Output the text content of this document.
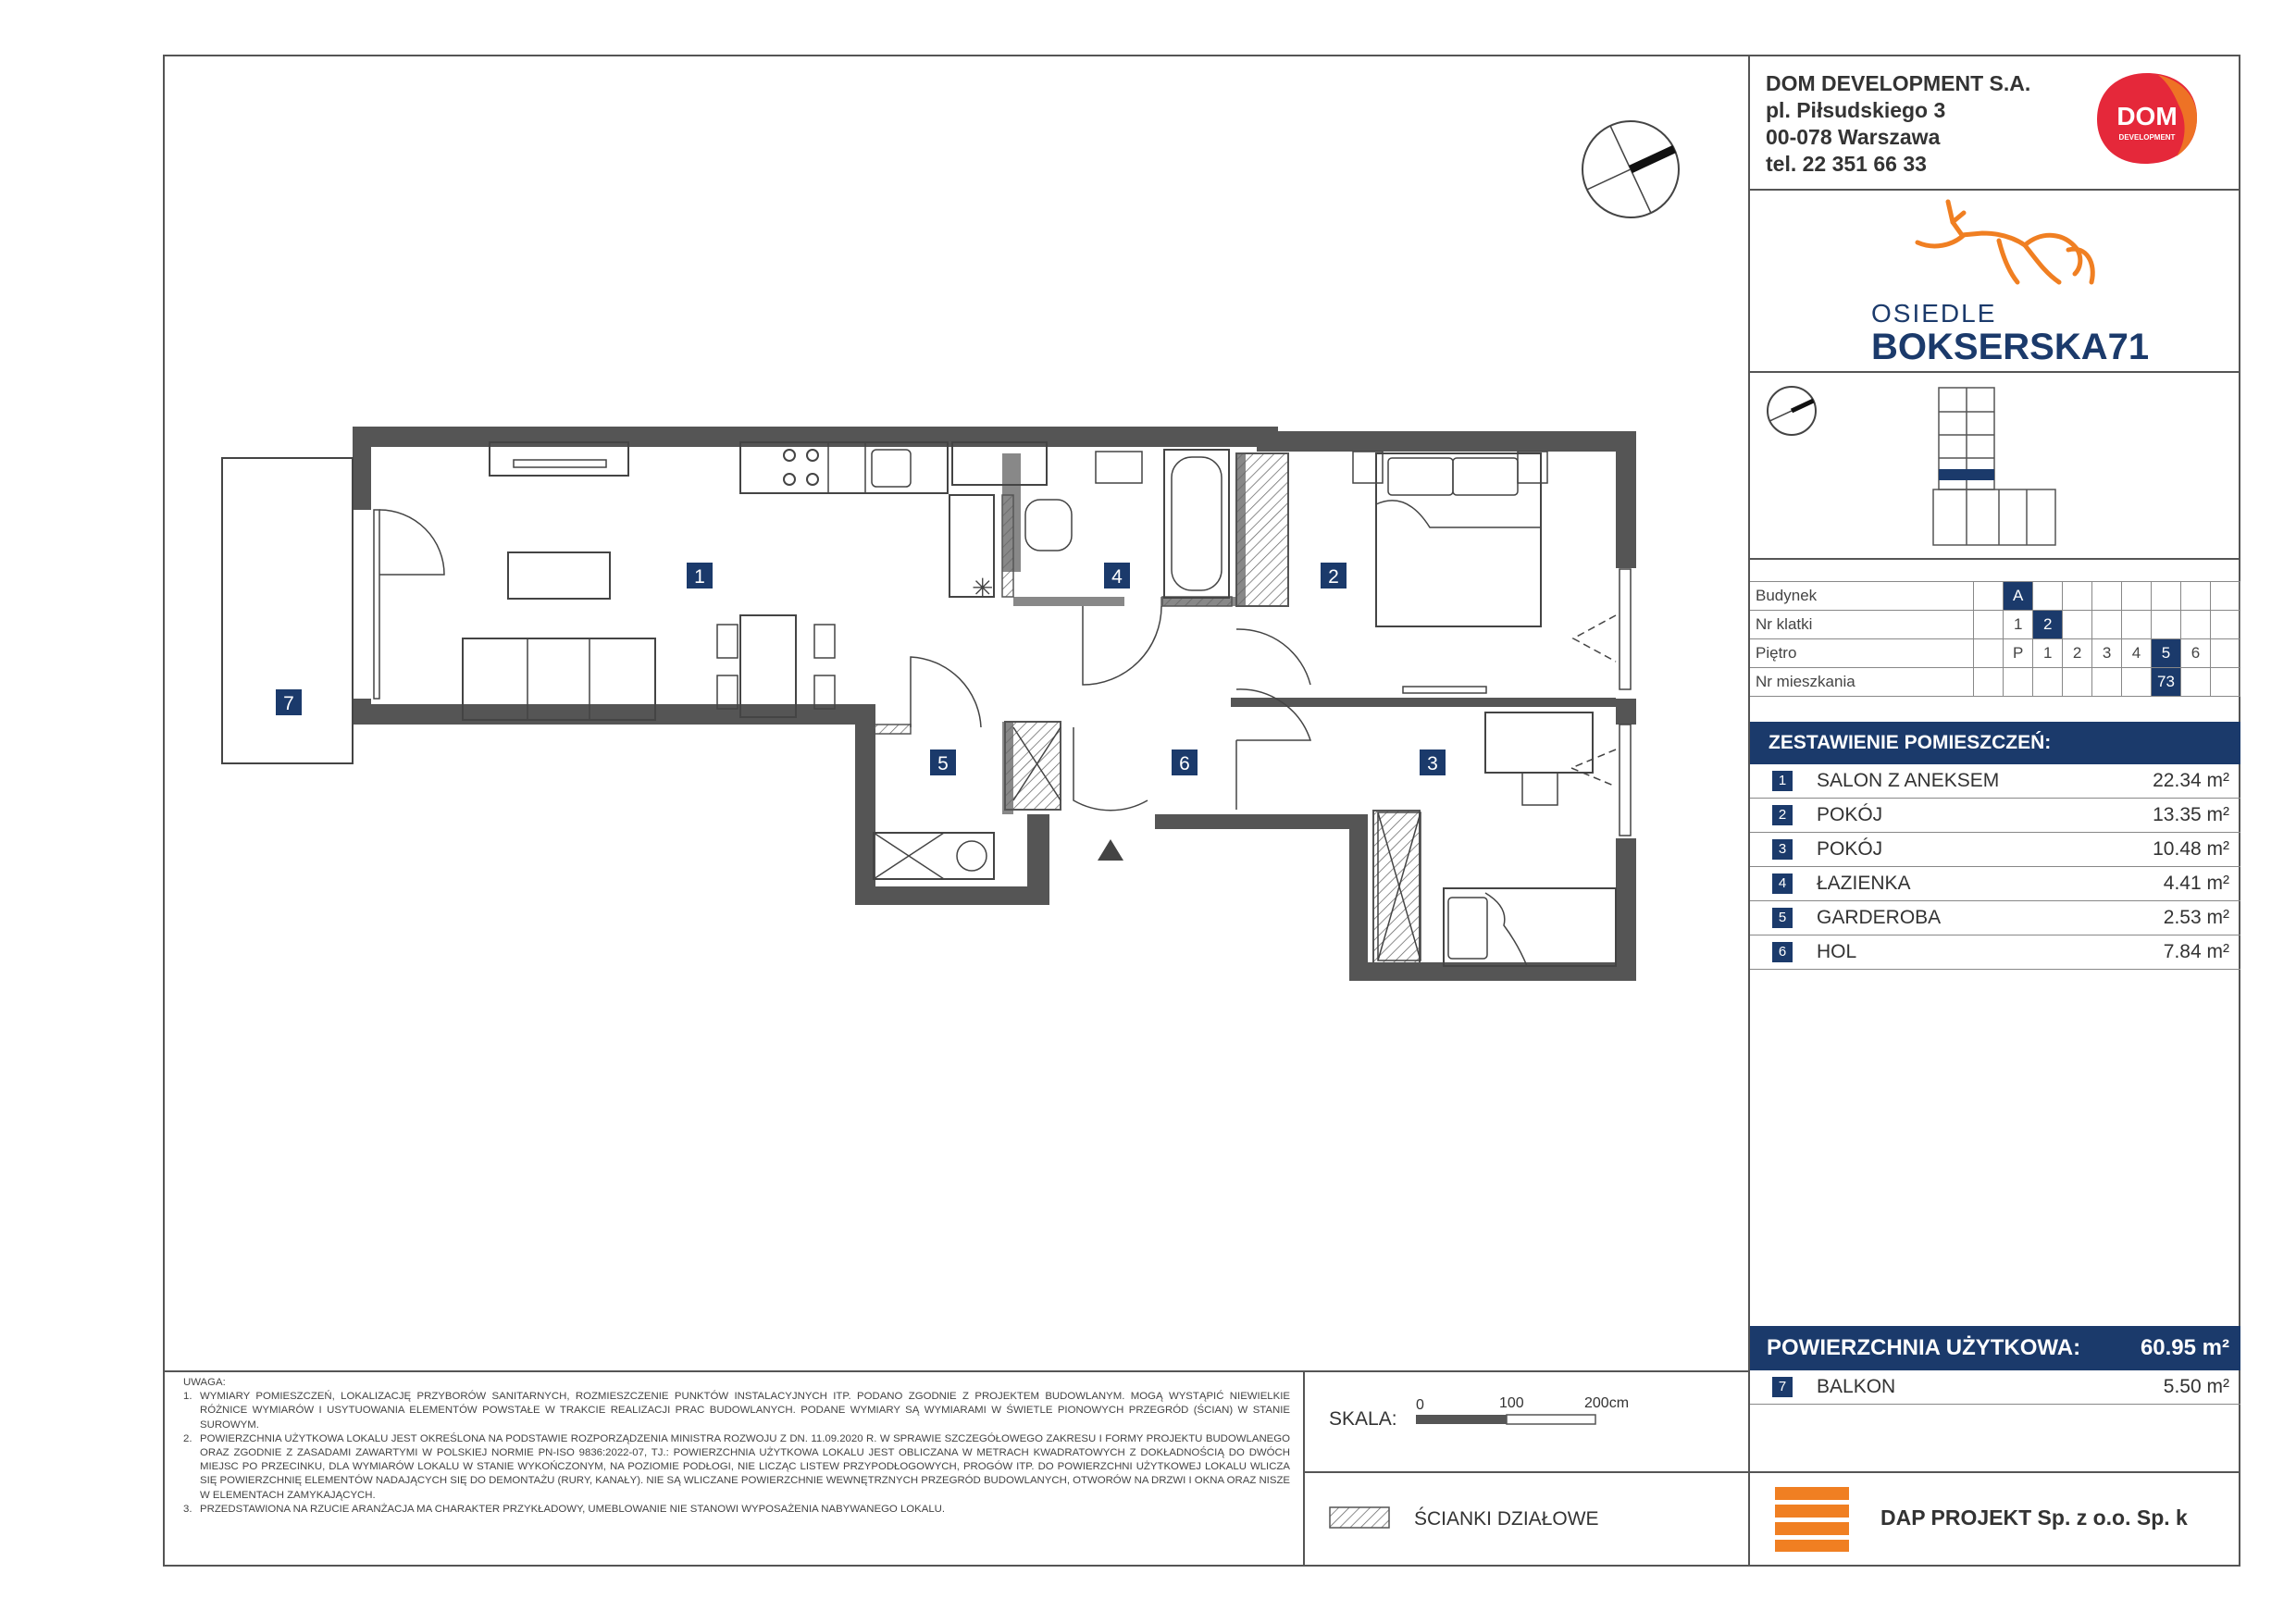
✳
1	2
3
4
5	6
7
DOM DEVELOPMENT S.A.
pl. Piłsudskiego 3
00-078 Warszawa
tel. 22 351 66 33
DOM
DEVELOPMENT
OSIEDLE
BOKSERSKA71
Budynek		A							
Nr klatki		1	2						
Piętro		P	1	2	3	4	5	6	
Nr mieszkania							73		
ZESTAWIENIE POMIESZCZEŃ:
1	SALON Z ANEKSEM	22.34 m²
2	POKÓJ	13.35 m²
3	POKÓJ	10.48 m²
4	ŁAZIENKA	4.41 m²
5	GARDEROBA	2.53 m²
6	HOL	7.84 m²
POWIERZCHNIA UŻYTKOWA:	60.95 m²
7	BALKON	5.50 m²
DAP PROJEKT Sp. z o.o. Sp. k
UWAGA:
1. WYMIARY POMIESZCZEŃ, LOKALIZACJĘ PRZYBORÓW SANITARNYCH, ROZMIESZCZENIE PUNKTÓW INSTALACYJNYCH ITP. PODANO ZGODNIE Z PROJEKTEM BUDOWLANYM. MOGĄ WYSTĄPIĆ NIEWIELKIE RÓŻNICE WYMIARÓW I USYTUOWANIA ELEMENTÓW POWSTAŁE W TRAKCIE REALIZACJI PRAC BUDOWLANYCH. PODANE WYMIARY SĄ WYMIARAMI W ŚWIETLE PIONOWYCH PRZEGRÓD (ŚCIAN) W STANIE SUROWYM.
2. POWIERZCHNIA UŻYTKOWA LOKALU JEST OKREŚLONA NA PODSTAWIE ROZPORZĄDZENIA MINISTRA ROZWOJU Z DN. 11.09.2020 R. W SPRAWIE SZCZEGÓŁOWEGO ZAKRESU I FORMY PROJEKTU BUDOWLANEGO ORAZ ZGODNIE Z ZASADAMI ZAWARTYMI W POLSKIEJ NORMIE PN-ISO 9836:2022-07, TJ.: POWIERZCHNIA UŻYTKOWA LOKALU JEST OBLICZANA W METRACH KWADRATOWYCH Z DOKŁADNOŚCIĄ DO DWÓCH MIEJSC PO PRZECINKU, DLA WYMIARÓW LOKALU W STANIE WYKOŃCZONYM, NA POZIOMIE PODŁOGI, NIE LICZĄC LISTEW PRZYPODŁOGOWYCH, PROGÓW ITP. DO POWIERZCHNI UŻYTKOWEJ LOKALU WLICZA SIĘ POWIERZCHNIĘ ELEMENTÓW NADAJĄCYCH SIĘ DO DEMONTAŻU (RURY, KANAŁY). NIE SĄ WLICZANE POWIERZCHNIE WEWNĘTRZNYCH PRZEGRÓD BUDOWLANYCH, OTWORÓW NA DRZWI I OKNA ORAZ NISZE W ELEMENTACH ZAMYKAJĄCYCH.
3. PRZEDSTAWIONA NA RZUCIE ARANŻACJA MA CHARAKTER PRZYKŁADOWY, UMEBLOWANIE NIE STANOWI WYPOSAŻENIA NABYWANEGO LOKALU.
SKALA:
0	100	200cm
ŚCIANKI DZIAŁOWE
